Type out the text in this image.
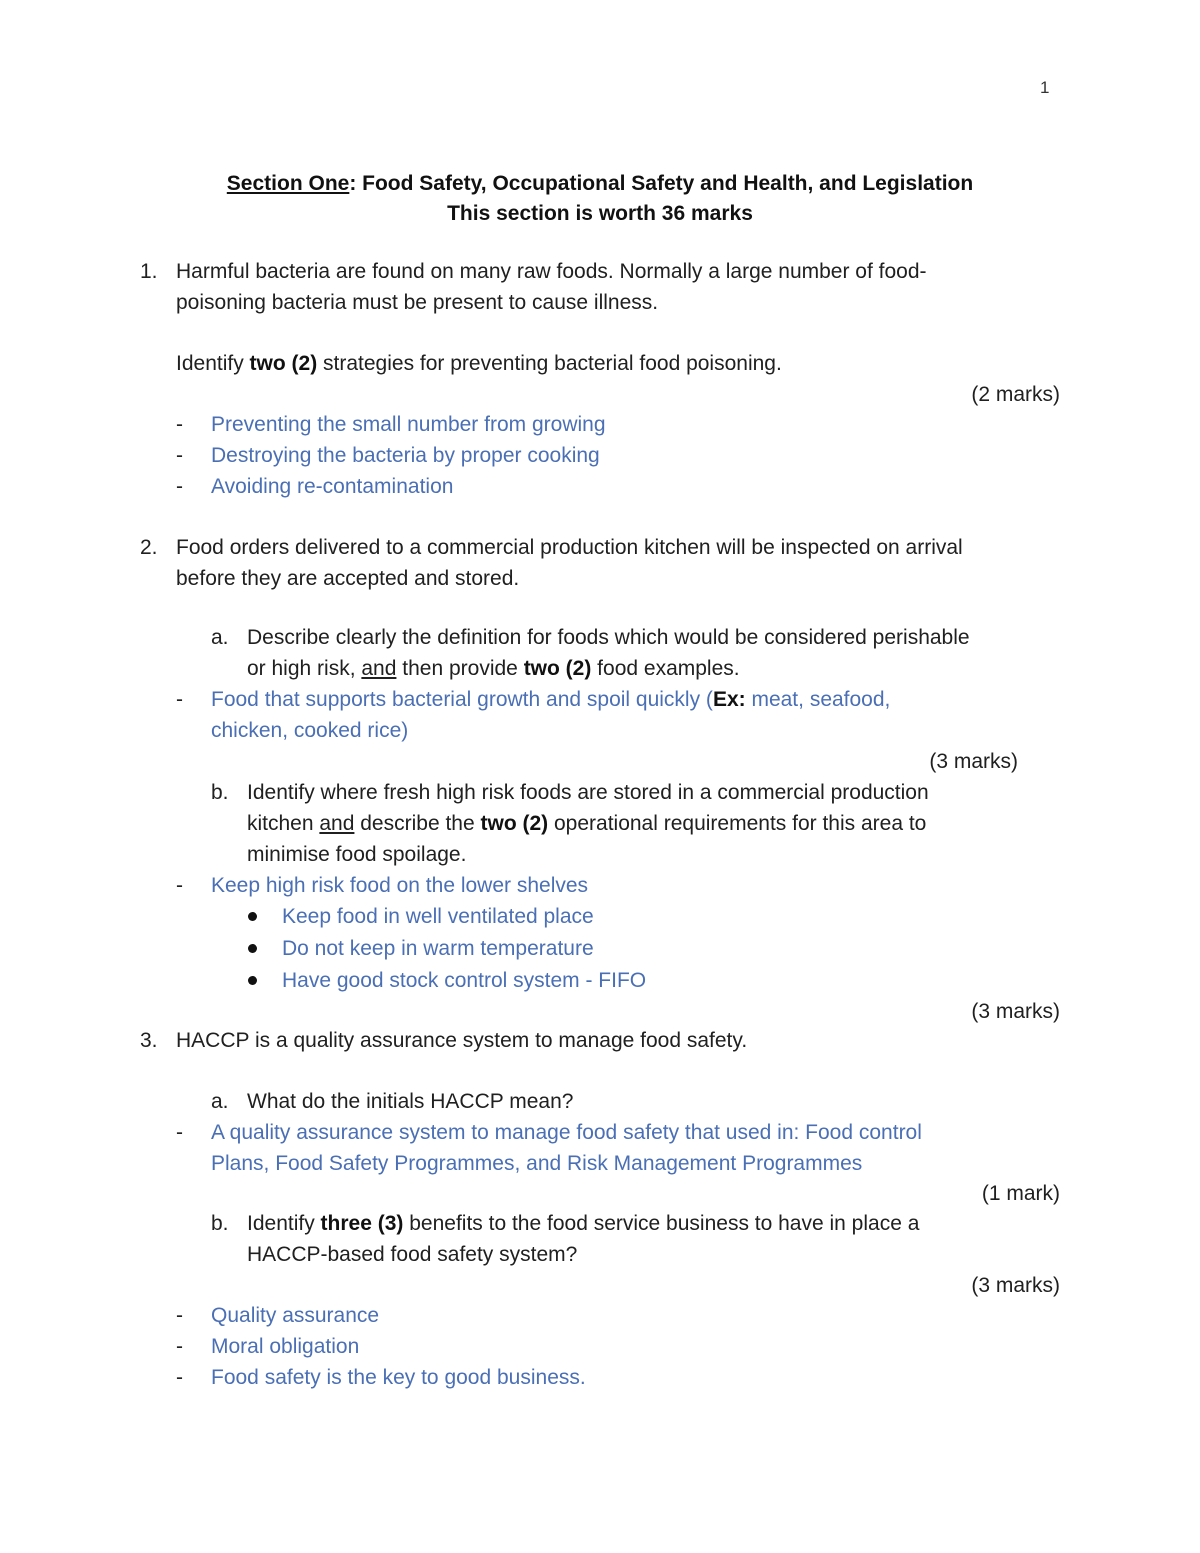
1
Section One: Food Safety, Occupational Safety and Health, and Legislation
This section is worth 36 marks
1. Harmful bacteria are found on many raw foods. Normally a large number of food-
poisoning bacteria must be present to cause illness.
Identify two (2) strategies for preventing bacterial food poisoning.
(2 marks)
- Preventing the small number from growing
- Destroying the bacteria by proper cooking
- Avoiding re-contamination
2. Food orders delivered to a commercial production kitchen will be inspected on arrival
before they are accepted and stored.
a. Describe clearly the definition for foods which would be considered perishable
or high risk, and then provide two (2) food examples.
- Food that supports bacterial growth and spoil quickly (Ex: meat, seafood,
chicken, cooked rice)
(3 marks)
b. Identify where fresh high risk foods are stored in a commercial production
kitchen and describe the two (2) operational requirements for this area to
minimise food spoilage.
- Keep high risk food on the lower shelves
Keep food in well ventilated place
Do not keep in warm temperature
Have good stock control system - FIFO
(3 marks)
3. HACCP is a quality assurance system to manage food safety.
a. What do the initials HACCP mean?
- A quality assurance system to manage food safety that used in: Food control
Plans, Food Safety Programmes, and Risk Management Programmes
(1 mark)
b. Identify three (3) benefits to the food service business to have in place a
HACCP-based food safety system?
(3 marks)
- Quality assurance
- Moral obligation
- Food safety is the key to good business.
